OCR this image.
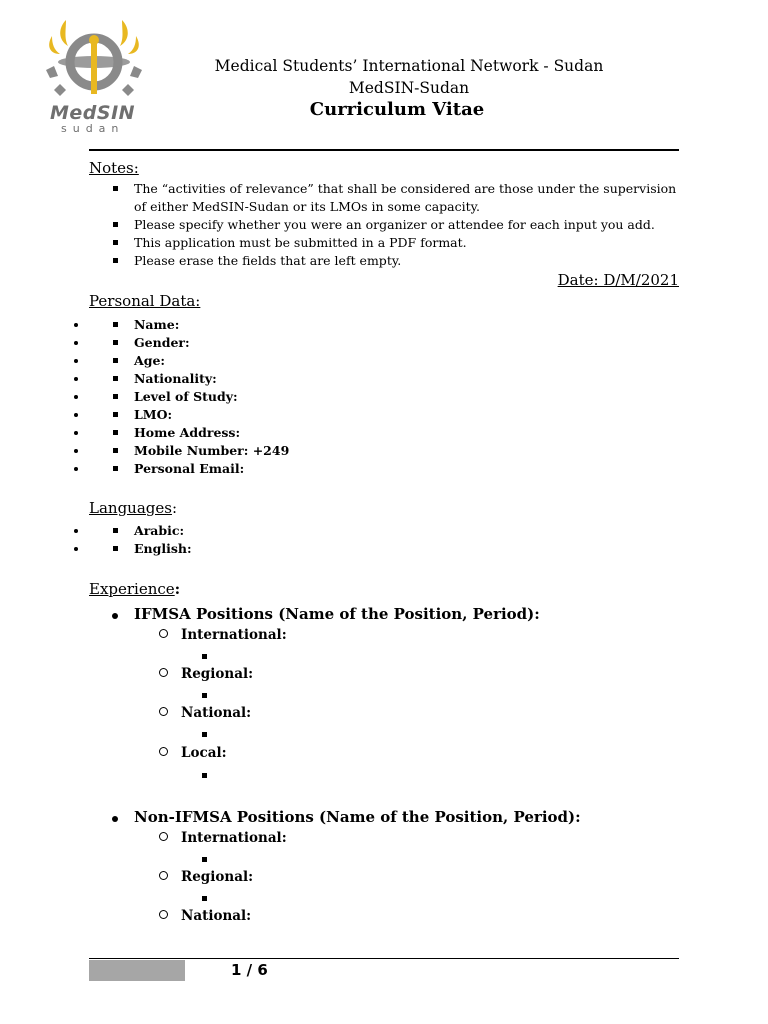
MedSIN
sudan
Medical Students’ International Network - Sudan
MedSIN-Sudan
Curriculum Vitae
Notes:
The “activities of relevance” that shall be considered are those under the supervision of either MedSIN-Sudan or its LMOs in some capacity.
Please specify whether you were an organizer or attendee for each input you add.
This application must be submitted in a PDF format.
Please erase the fields that are left empty.
Date: D/M/2021
Personal Data:
• Name:
• Gender:
• Age:
• Nationality:
• Level of Study:
• LMO:
• Home Address:
• Mobile Number: +249
• Personal Email:
Languages:
• Arabic:
• English:
Experience:
IFMSA Positions (Name of the Position, Period):
International:
Regional:
National:
Local:
Non-IFMSA Positions (Name of the Position, Period):
International:
Regional:
National:
1 / 6
